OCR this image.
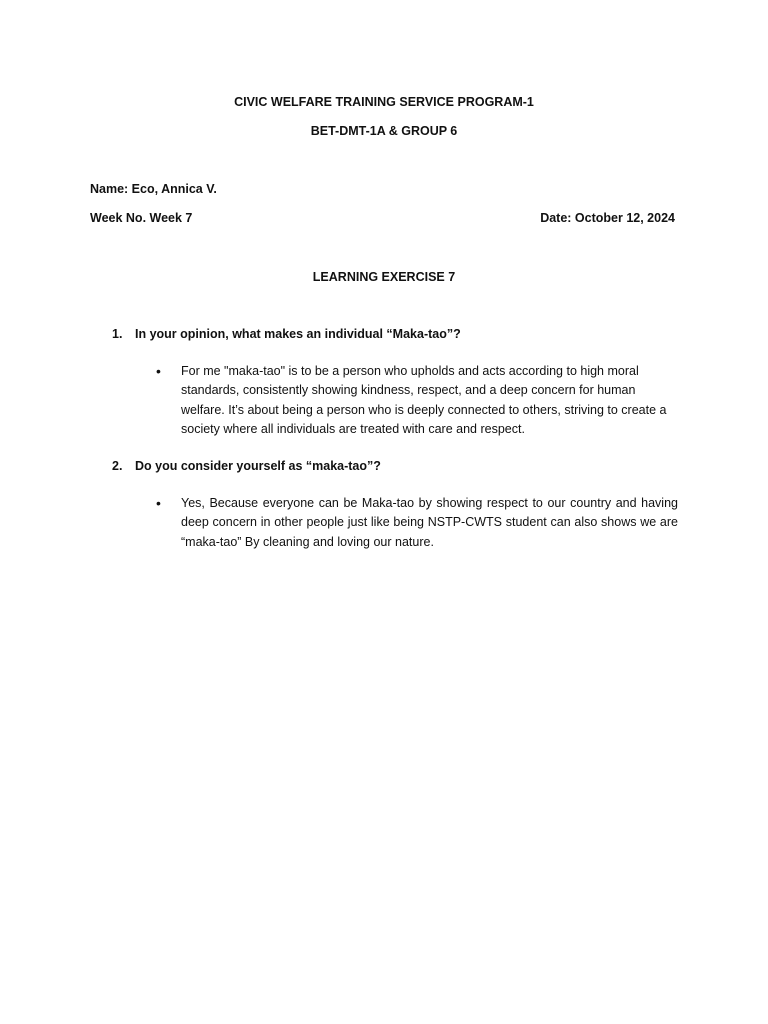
CIVIC WELFARE TRAINING SERVICE PROGRAM-1
BET-DMT-1A & GROUP 6
Name: Eco, Annica V.
Week No. Week 7	Date: October 12, 2024
LEARNING EXERCISE 7
1. In your opinion, what makes an individual “Maka-tao”?
• For me "maka-tao" is to be a person who upholds and acts according to high moral standards, consistently showing kindness, respect, and a deep concern for human welfare. It’s about being a person who is deeply connected to others, striving to create a society where all individuals are treated with care and respect.
2. Do you consider yourself as “maka-tao”?
• Yes, Because everyone can be Maka-tao by showing respect to our country and having deep concern in other people just like being NSTP-CWTS student can also shows we are “maka-tao” By cleaning and loving our nature.
